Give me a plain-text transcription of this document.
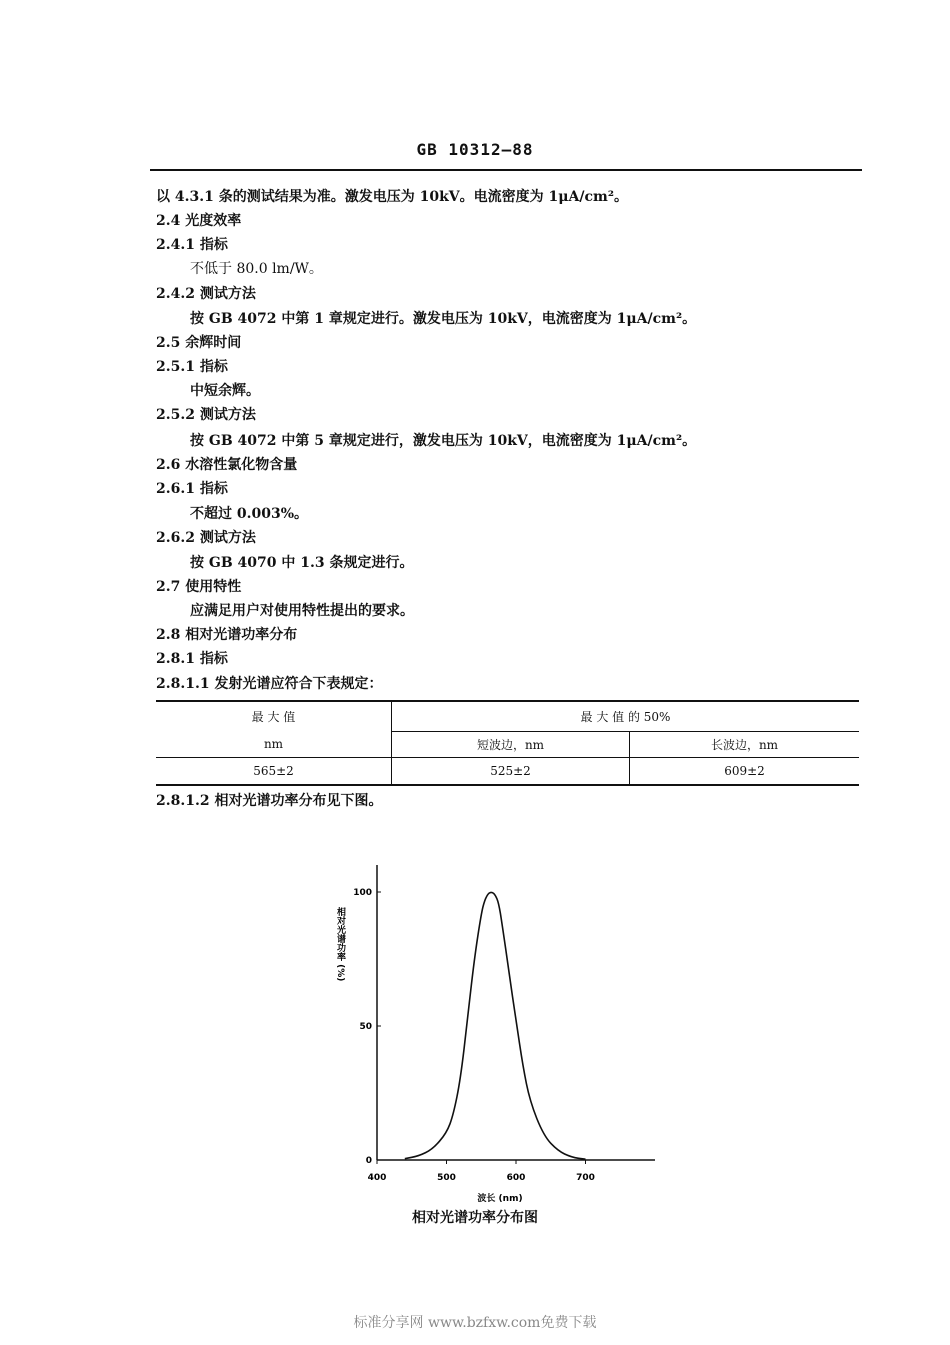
GB 10312—88
以 4.3.1 条的测试结果为准。激发电压为 10kV。电流密度为 1μA/cm²。
2.4 光度效率
2.4.1 指标
不低于 80.0 lm/W。
2.4.2 测试方法
按 GB 4072 中第 1 章规定进行。激发电压为 10kV，电流密度为 1μA/cm²。
2.5 余辉时间
2.5.1 指标
中短余辉。
2.5.2 测试方法
按 GB 4072 中第 5 章规定进行，激发电压为 10kV，电流密度为 1μA/cm²。
2.6 水溶性氯化物含量
2.6.1 指标
不超过 0.003%。
2.6.2 测试方法
按 GB 4070 中 1.3 条规定进行。
2.7 使用特性
应满足用户对使用特性提出的要求。
2.8 相对光谱功率分布
2.8.1 指标
2.8.1.1 发射光谱应符合下表规定：
最 大 值	最 大 值 的 50%	
nm	短波边，nm	长波边，nm
565±2	525±2	609±2
2.8.1.2 相对光谱功率分布见下图。
0
50
100
400	500	600	700
相对光谱功率 (%)
波长 (nm)
相对光谱功率分布图
标准分享网 www.bzfxw.com免费下载
